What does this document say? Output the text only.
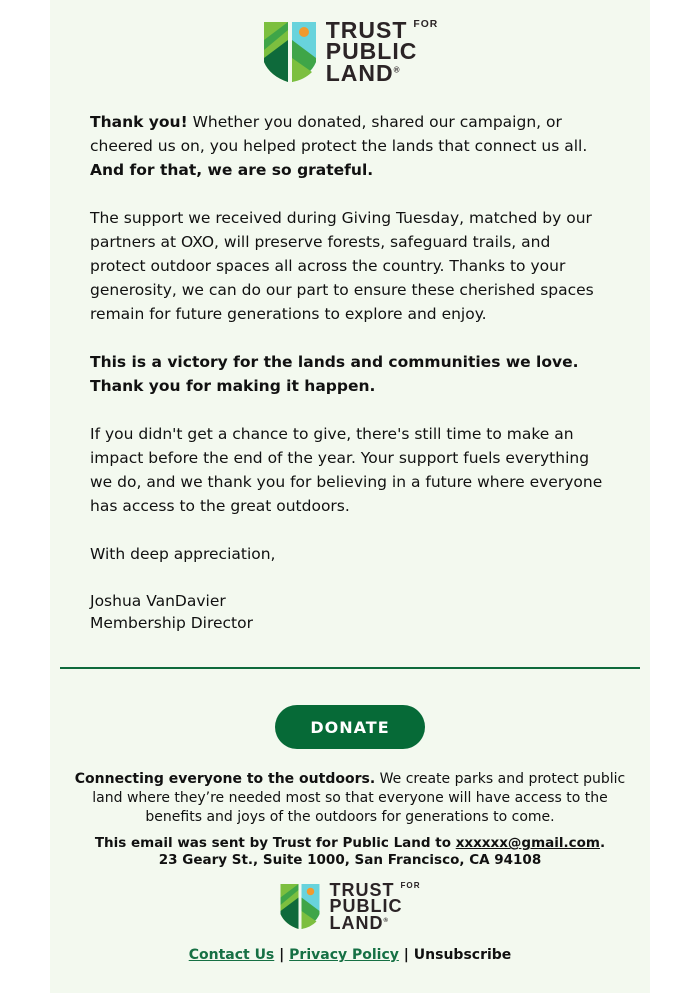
TRUST $^{FOR}$
PUBLIC
LAND®

Thank you! Whether you donated, shared our campaign, or cheered us on, you helped protect the lands that connect us all. And for that, we are so grateful.

The support we received during Giving Tuesday, matched by our partners at OXO, will preserve forests, safeguard trails, and protect outdoor spaces all across the country. Thanks to your generosity, we can do our part to ensure these cherished spaces remain for future generations to explore and enjoy.

This is a victory for the lands and communities we love. Thank you for making it happen.

If you didn't get a chance to give, there's still time to make an impact before the end of the year. Your support fuels everything we do, and we thank you for believing in a future where everyone has access to the great outdoors.

With deep appreciation,

Joshua VanDavier
Membership Director
DONATE
Connecting everyone to the outdoors. We create parks and protect public land where they’re needed most so that everyone will have access to the benefits and joys of the outdoors for generations to come.
This email was sent by Trust for Public Land to xxxxxx@gmail.com.
23 Geary St., Suite 1000, San Francisco, CA 94108
TRUST $^{FOR}$
PUBLIC
LAND®
Contact Us | Privacy Policy | Unsubscribe
